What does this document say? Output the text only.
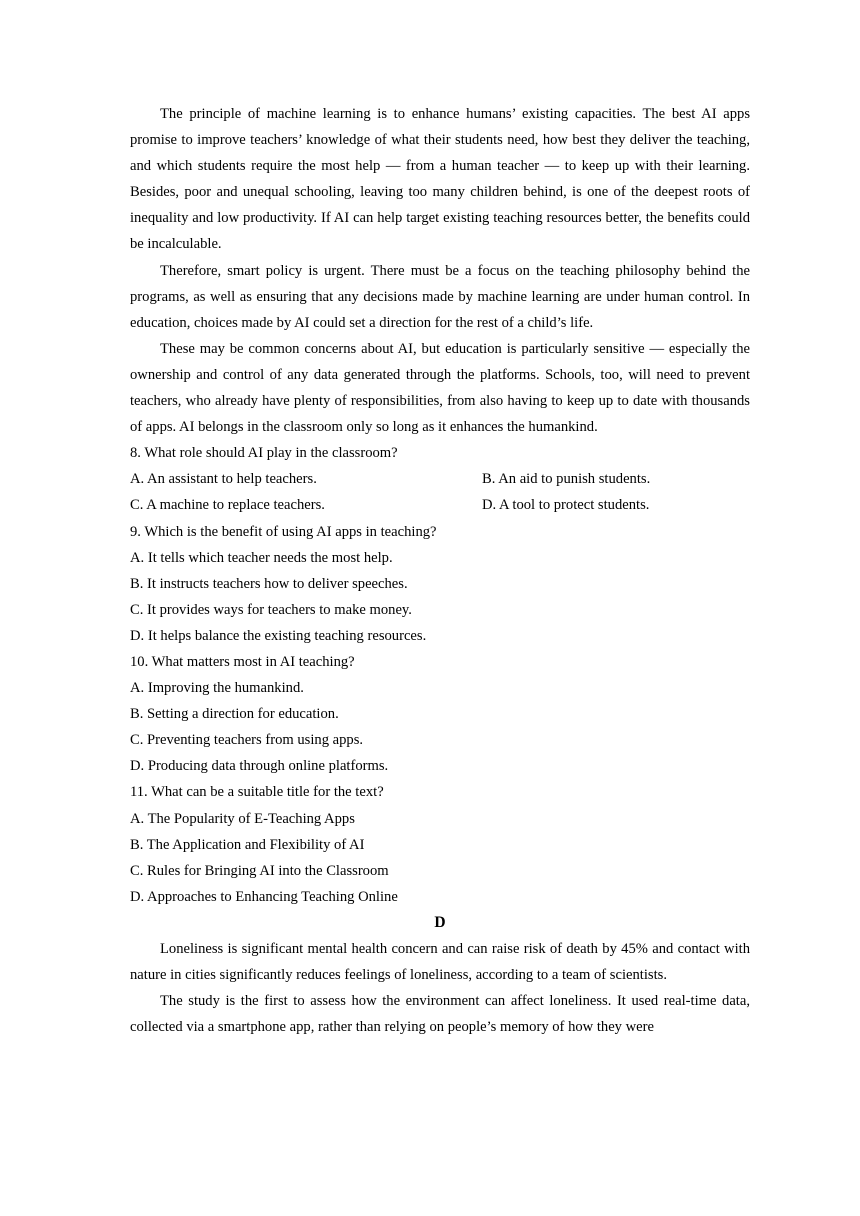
The principle of machine learning is to enhance humans’ existing capacities. The best AI apps promise to improve teachers’ knowledge of what their students need, how best they deliver the teaching, and which students require the most help — from a human teacher — to keep up with their learning. Besides, poor and unequal schooling, leaving too many children behind, is one of the deepest roots of inequality and low productivity. If AI can help target existing teaching resources better, the benefits could be incalculable.

Therefore, smart policy is urgent. There must be a focus on the teaching philosophy behind the programs, as well as ensuring that any decisions made by machine learning are under human control. In education, choices made by AI could set a direction for the rest of a child’s life.

These may be common concerns about AI, but education is particularly sensitive — especially the ownership and control of any data generated through the platforms. Schools, too, will need to prevent teachers, who already have plenty of responsibilities, from also having to keep up to date with thousands of apps. AI belongs in the classroom only so long as it enhances the humankind.

8. What role should AI play in the classroom?

A. An assistant to help teachers.	B. An aid to punish students.
C. A machine to replace teachers.	D. A tool to protect students.

9. Which is the benefit of using AI apps in teaching?

A. It tells which teacher needs the most help.

B. It instructs teachers how to deliver speeches.

C. It provides ways for teachers to make money.

D. It helps balance the existing teaching resources.

10. What matters most in AI teaching?

A. Improving the humankind.

B. Setting a direction for education.

C. Preventing teachers from using apps.

D. Producing data through online platforms.

11. What can be a suitable title for the text?

A. The Popularity of E-Teaching Apps

B. The Application and Flexibility of AI

C. Rules for Bringing AI into the Classroom

D. Approaches to Enhancing Teaching Online

D

Loneliness is significant mental health concern and can raise risk of death by 45% and contact with nature in cities significantly reduces feelings of loneliness, according to a team of scientists.

The study is the first to assess how the environment can affect loneliness. It used real-time data, collected via a smartphone app, rather than relying on people’s memory of how they were
